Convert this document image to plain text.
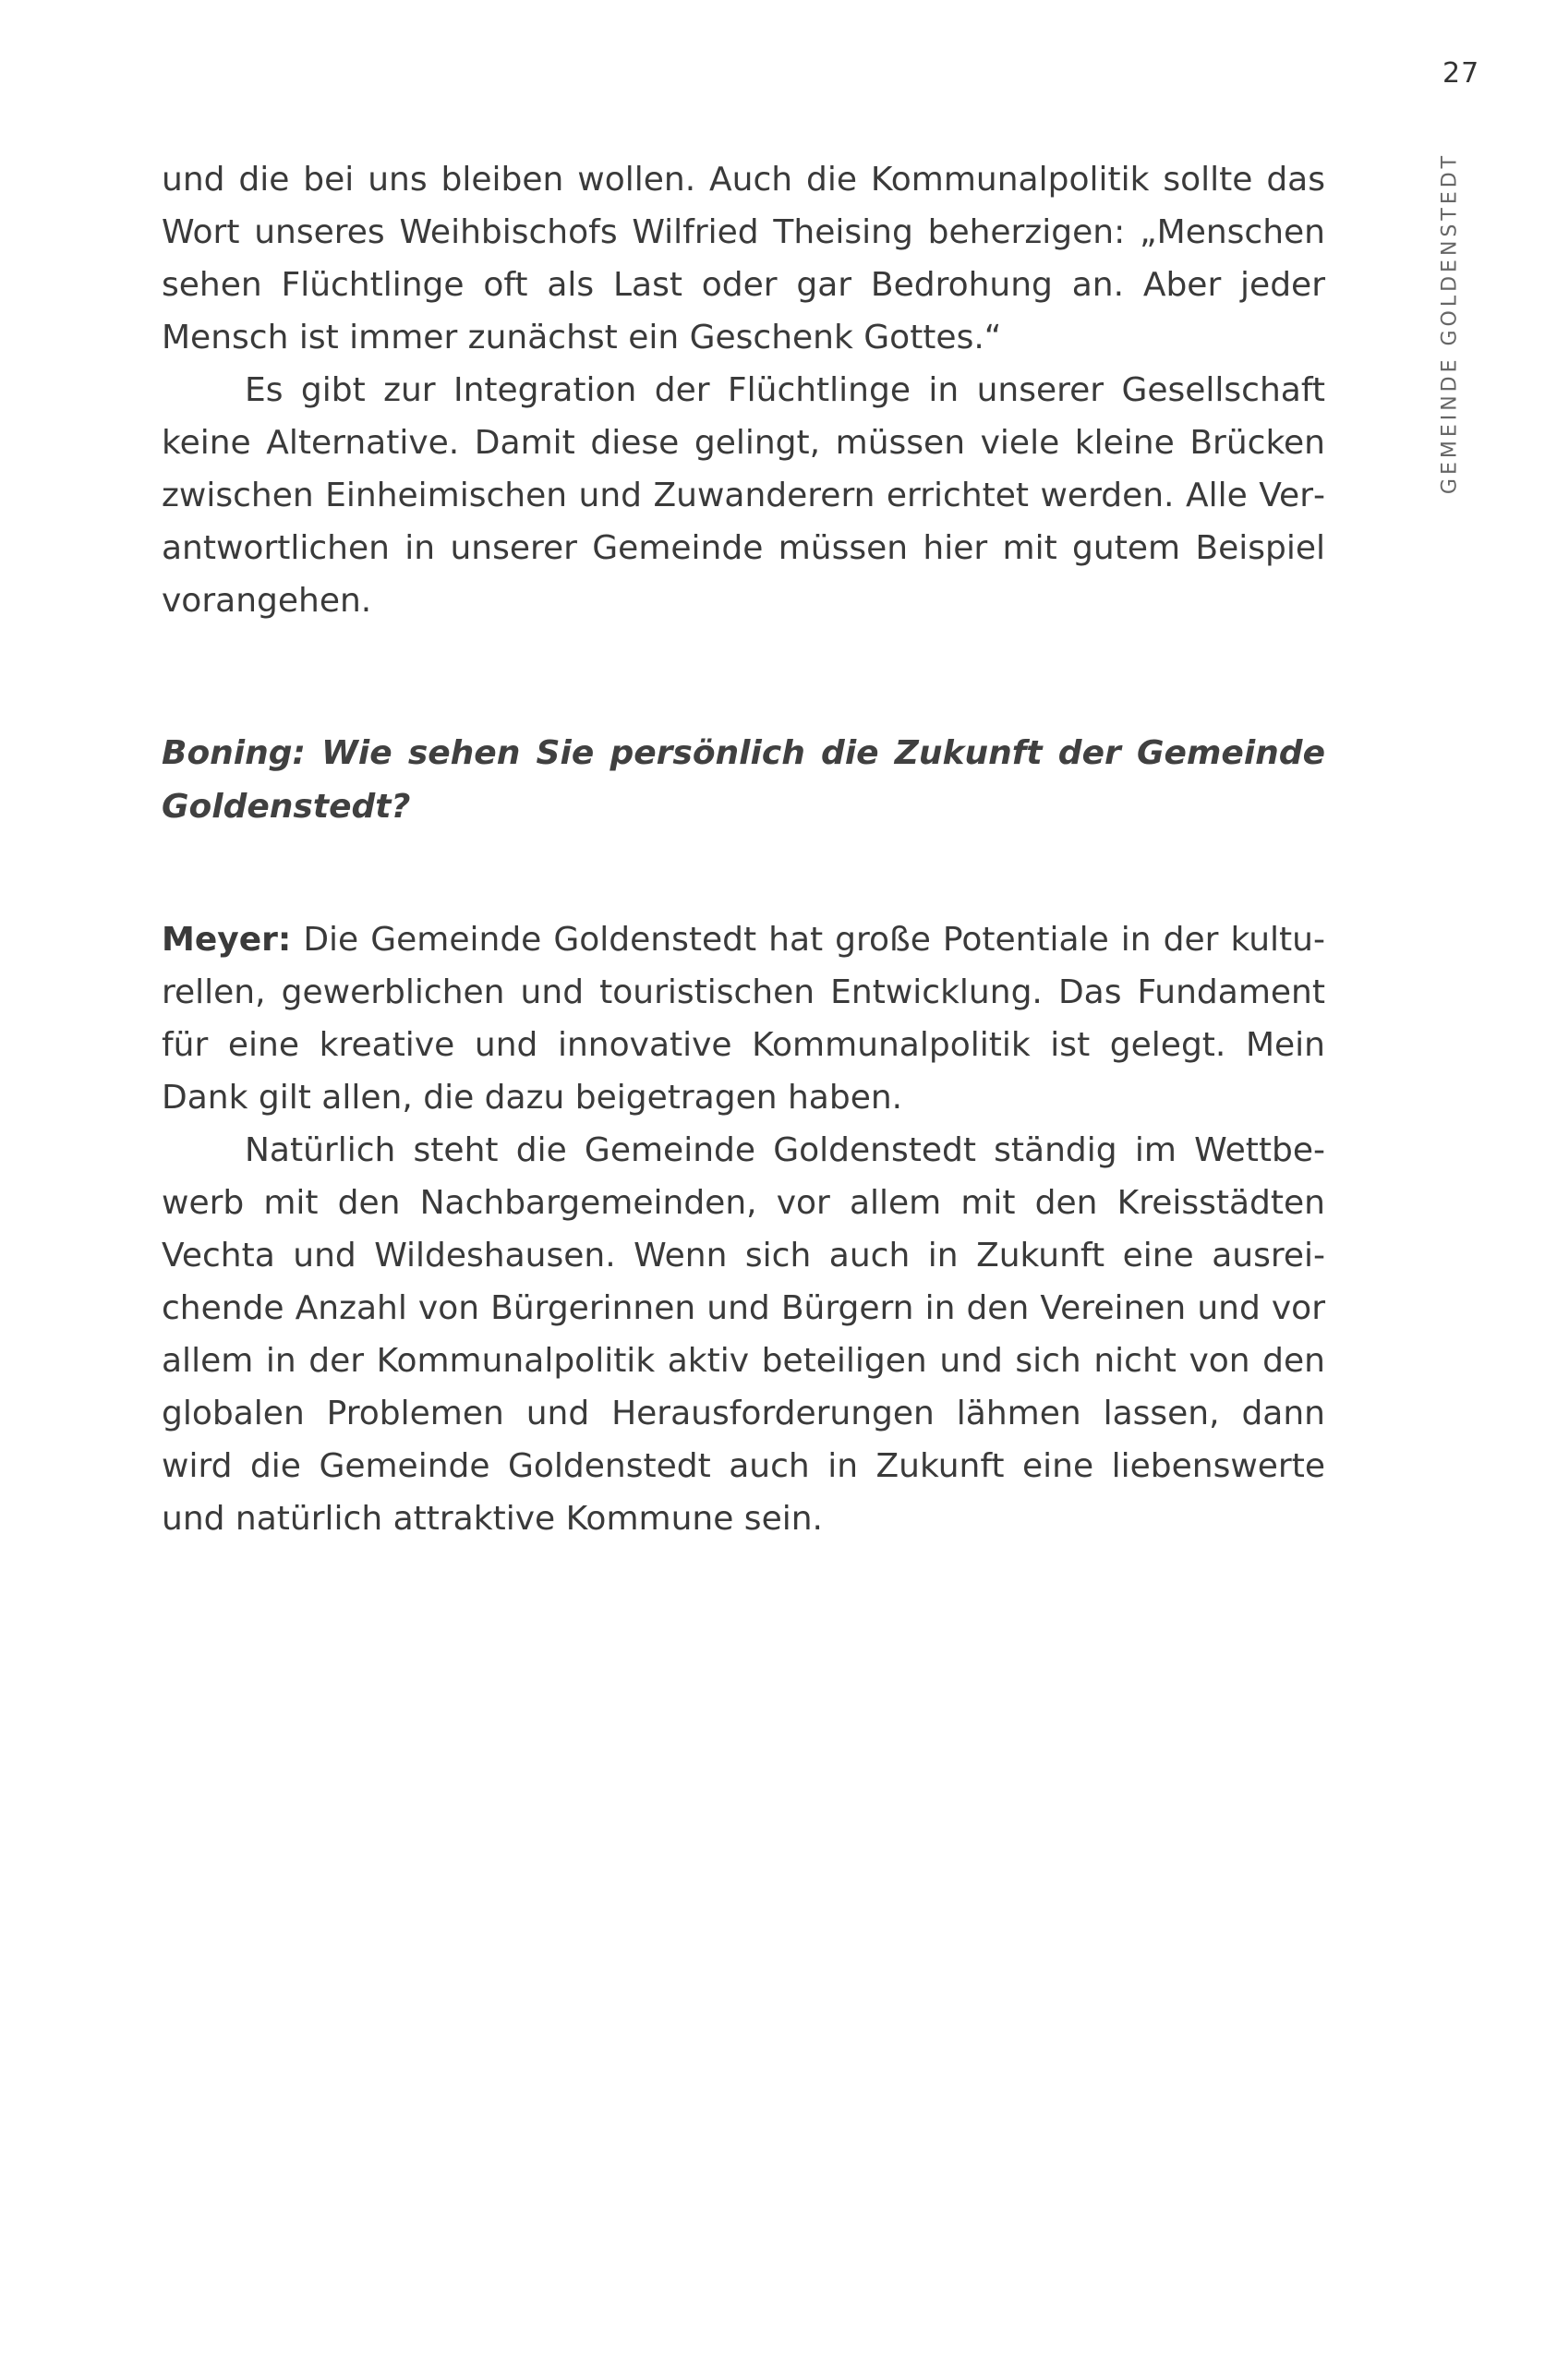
27
GEMEINDE GOLDENSTEDT

und die bei uns bleiben wollen. Auch die Kommunalpolitik sollte das Wort unseres Weihbischofs Wilfried Theising beherzigen: „Menschen sehen Flüchtlinge oft als Last oder gar Bedrohung an. Aber jeder Mensch ist immer zunächst ein Geschenk Gottes.“

Es gibt zur Integration der Flüchtlinge in unserer Gesellschaft keine Alternative. Damit diese gelingt, müssen viele kleine Brücken zwischen Einheimischen und Zuwanderern errichtet werden. Alle Verantwortlichen in unserer Gemeinde müssen hier mit gutem Beispiel vorangehen.

Boning: Wie sehen Sie persönlich die Zukunft der Gemeinde Goldenstedt?

Meyer: Die Gemeinde Goldenstedt hat große Potentiale in der kulturellen, gewerblichen und touristischen Entwicklung. Das Fundament für eine kreative und innovative Kommunalpolitik ist gelegt. Mein Dank gilt allen, die dazu beigetragen haben.

Natürlich steht die Gemeinde Goldenstedt ständig im Wettbewerb mit den Nachbargemeinden, vor allem mit den Kreisstädten Vechta und Wildeshausen. Wenn sich auch in Zukunft eine ausreichende Anzahl von Bürgerinnen und Bürgern in den Vereinen und vor allem in der Kommunalpolitik aktiv beteiligen und sich nicht von den globalen Problemen und Herausforderungen lähmen lassen, dann wird die Gemeinde Goldenstedt auch in Zukunft eine liebenswerte und natürlich attraktive Kommune sein.
